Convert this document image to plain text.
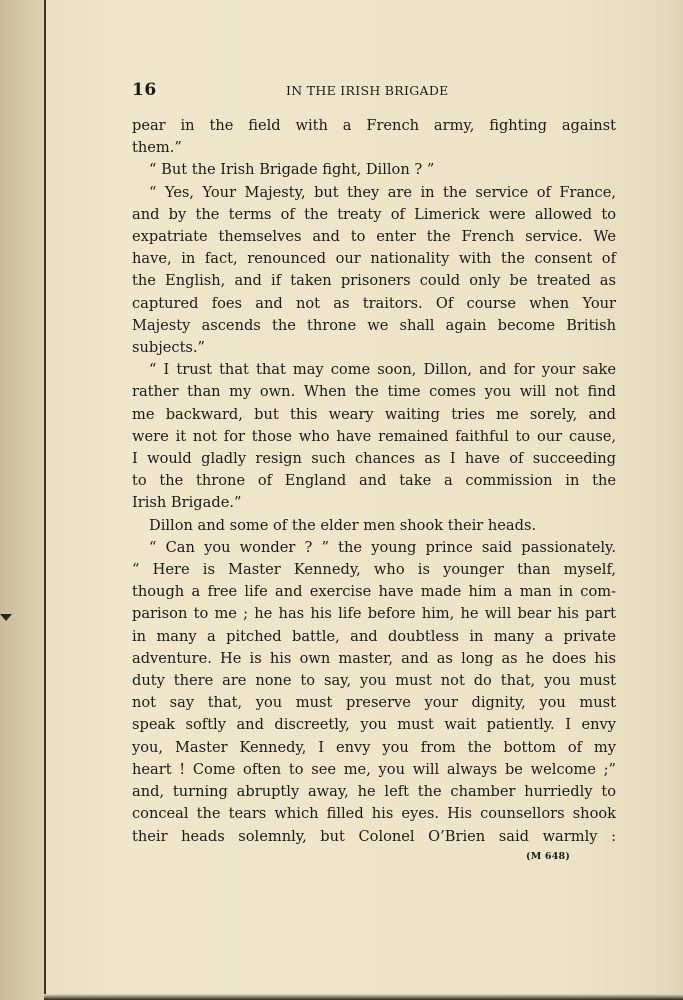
16	IN THE IRISH BRIGADE
pear in the field with a French army, fighting against
them.”
“ But the Irish Brigade fight, Dillon ? ”
“ Yes, Your Majesty, but they are in the service of France,
and by the terms of the treaty of Limerick were allowed to
expatriate themselves and to enter the French service. We
have, in fact, renounced our nationality with the consent of
the English, and if taken prisoners could only be treated as
captured foes and not as traitors. Of course when Your
Majesty ascends the throne we shall again become British
subjects.”
“ I trust that that may come soon, Dillon, and for your sake
rather than my own. When the time comes you will not find
me backward, but this weary waiting tries me sorely, and
were it not for those who have remained faithful to our cause,
I would gladly resign such chances as I have of succeeding
to the throne of England and take a commission in the
Irish Brigade.”
Dillon and some of the elder men shook their heads.
“ Can you wonder ? ” the young prince said passionately.
“ Here is Master Kennedy, who is younger than myself,
though a free life and exercise have made him a man in com-
parison to me ; he has his life before him, he will bear his part
in many a pitched battle, and doubtless in many a private
adventure. He is his own master, and as long as he does his
duty there are none to say, you must not do that, you must
not say that, you must preserve your dignity, you must
speak softly and discreetly, you must wait patiently. I envy
you, Master Kennedy, I envy you from the bottom of my
heart ! Come often to see me, you will always be welcome ;”
and, turning abruptly away, he left the chamber hurriedly to
conceal the tears which filled his eyes. His counsellors shook
their heads solemnly, but Colonel O’Brien said warmly :
(M 648)
